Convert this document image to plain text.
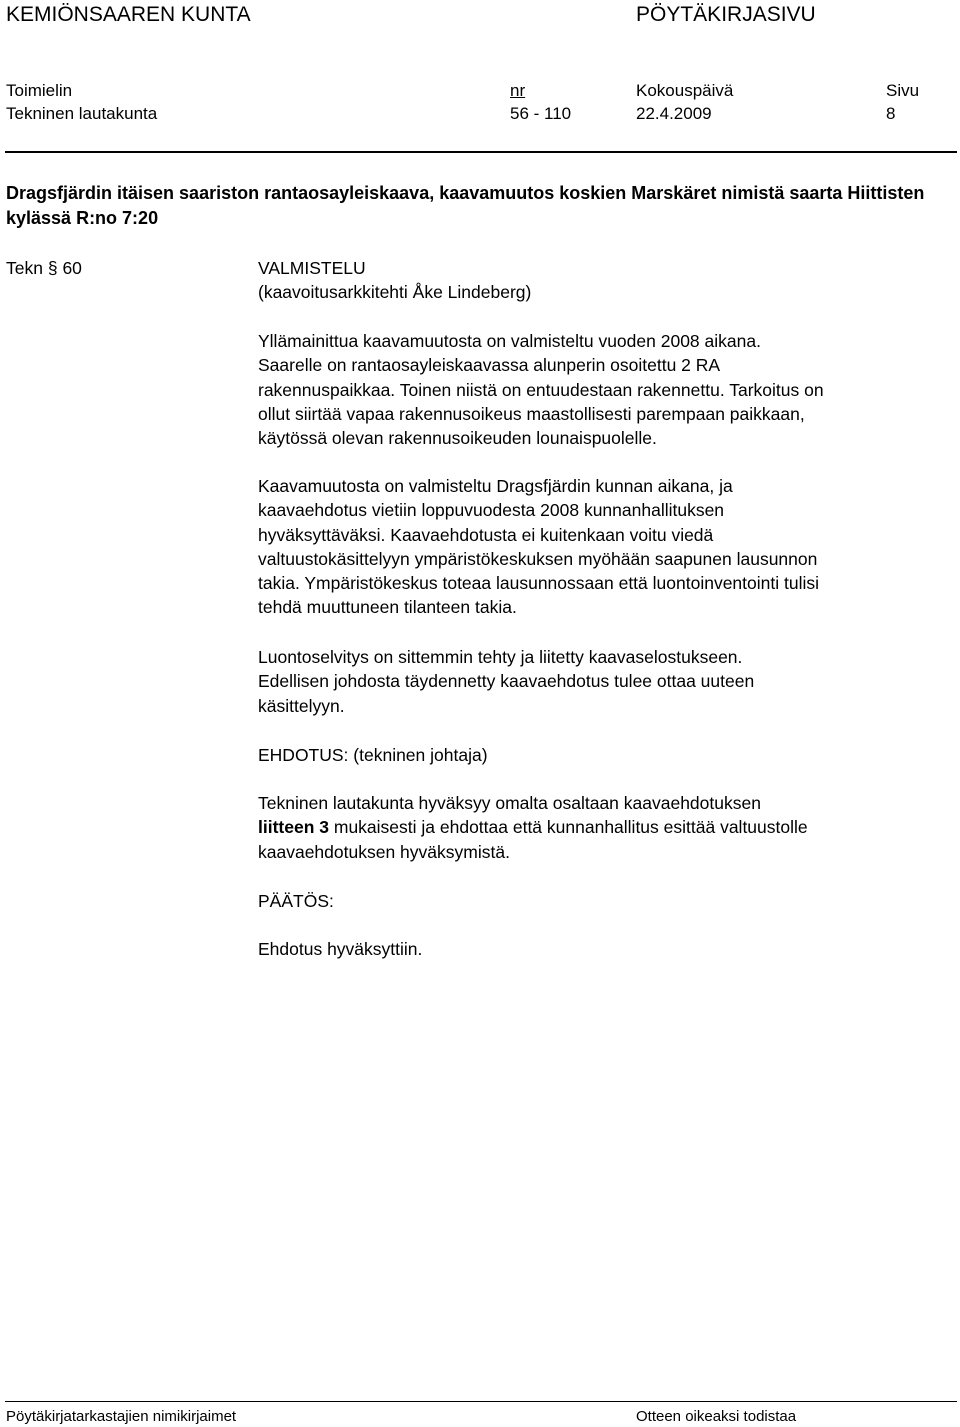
KEMIÖNSAAREN KUNTA	PÖYTÄKIRJASIVU
Toimielin	nr	Kokouspäivä	Sivu
Tekninen lautakunta	56 - 110	22.4.2009	8
Dragsfjärdin itäisen saariston rantaosayleiskaava, kaavamuutos koskien Marskäret nimistä saarta Hiittisten kylässä R:no 7:20
Tekn § 60	VALMISTELU
(kaavoitusarkkitehti Åke Lindeberg)

Yllämainittua kaavamuutosta on valmisteltu vuoden 2008 aikana.

Saarelle on rantaosayleiskaavassa alunperin osoitettu 2 RA

rakennuspaikkaa. Toinen niistä on entuudestaan rakennettu. Tarkoitus on

ollut siirtää vapaa rakennusoikeus maastollisesti parempaan paikkaan,

käytössä olevan rakennusoikeuden lounaispuolelle.

Kaavamuutosta on valmisteltu Dragsfjärdin kunnan aikana, ja

kaavaehdotus vietiin loppuvuodesta 2008 kunnanhallituksen

hyväksyttäväksi. Kaavaehdotusta ei kuitenkaan voitu viedä

valtuustokäsittelyyn ympäristökeskuksen myöhään saapunen lausunnon

takia. Ympäristökeskus toteaa lausunnossaan että luontoinventointi tulisi

tehdä muuttuneen tilanteen takia.

Luontoselvitys on sittemmin tehty ja liitetty kaavaselostukseen.

Edellisen johdosta täydennetty kaavaehdotus tulee ottaa uuteen

käsittelyyn.

EHDOTUS: (tekninen johtaja)

Tekninen lautakunta hyväksyy omalta osaltaan kaavaehdotuksen

liitteen 3 mukaisesti ja ehdottaa että kunnanhallitus esittää valtuustolle

kaavaehdotuksen hyväksymistä.

PÄÄTÖS:
Ehdotus hyväksyttiin.
Pöytäkirjatarkastajien nimikirjaimet	Otteen oikeaksi todistaa
